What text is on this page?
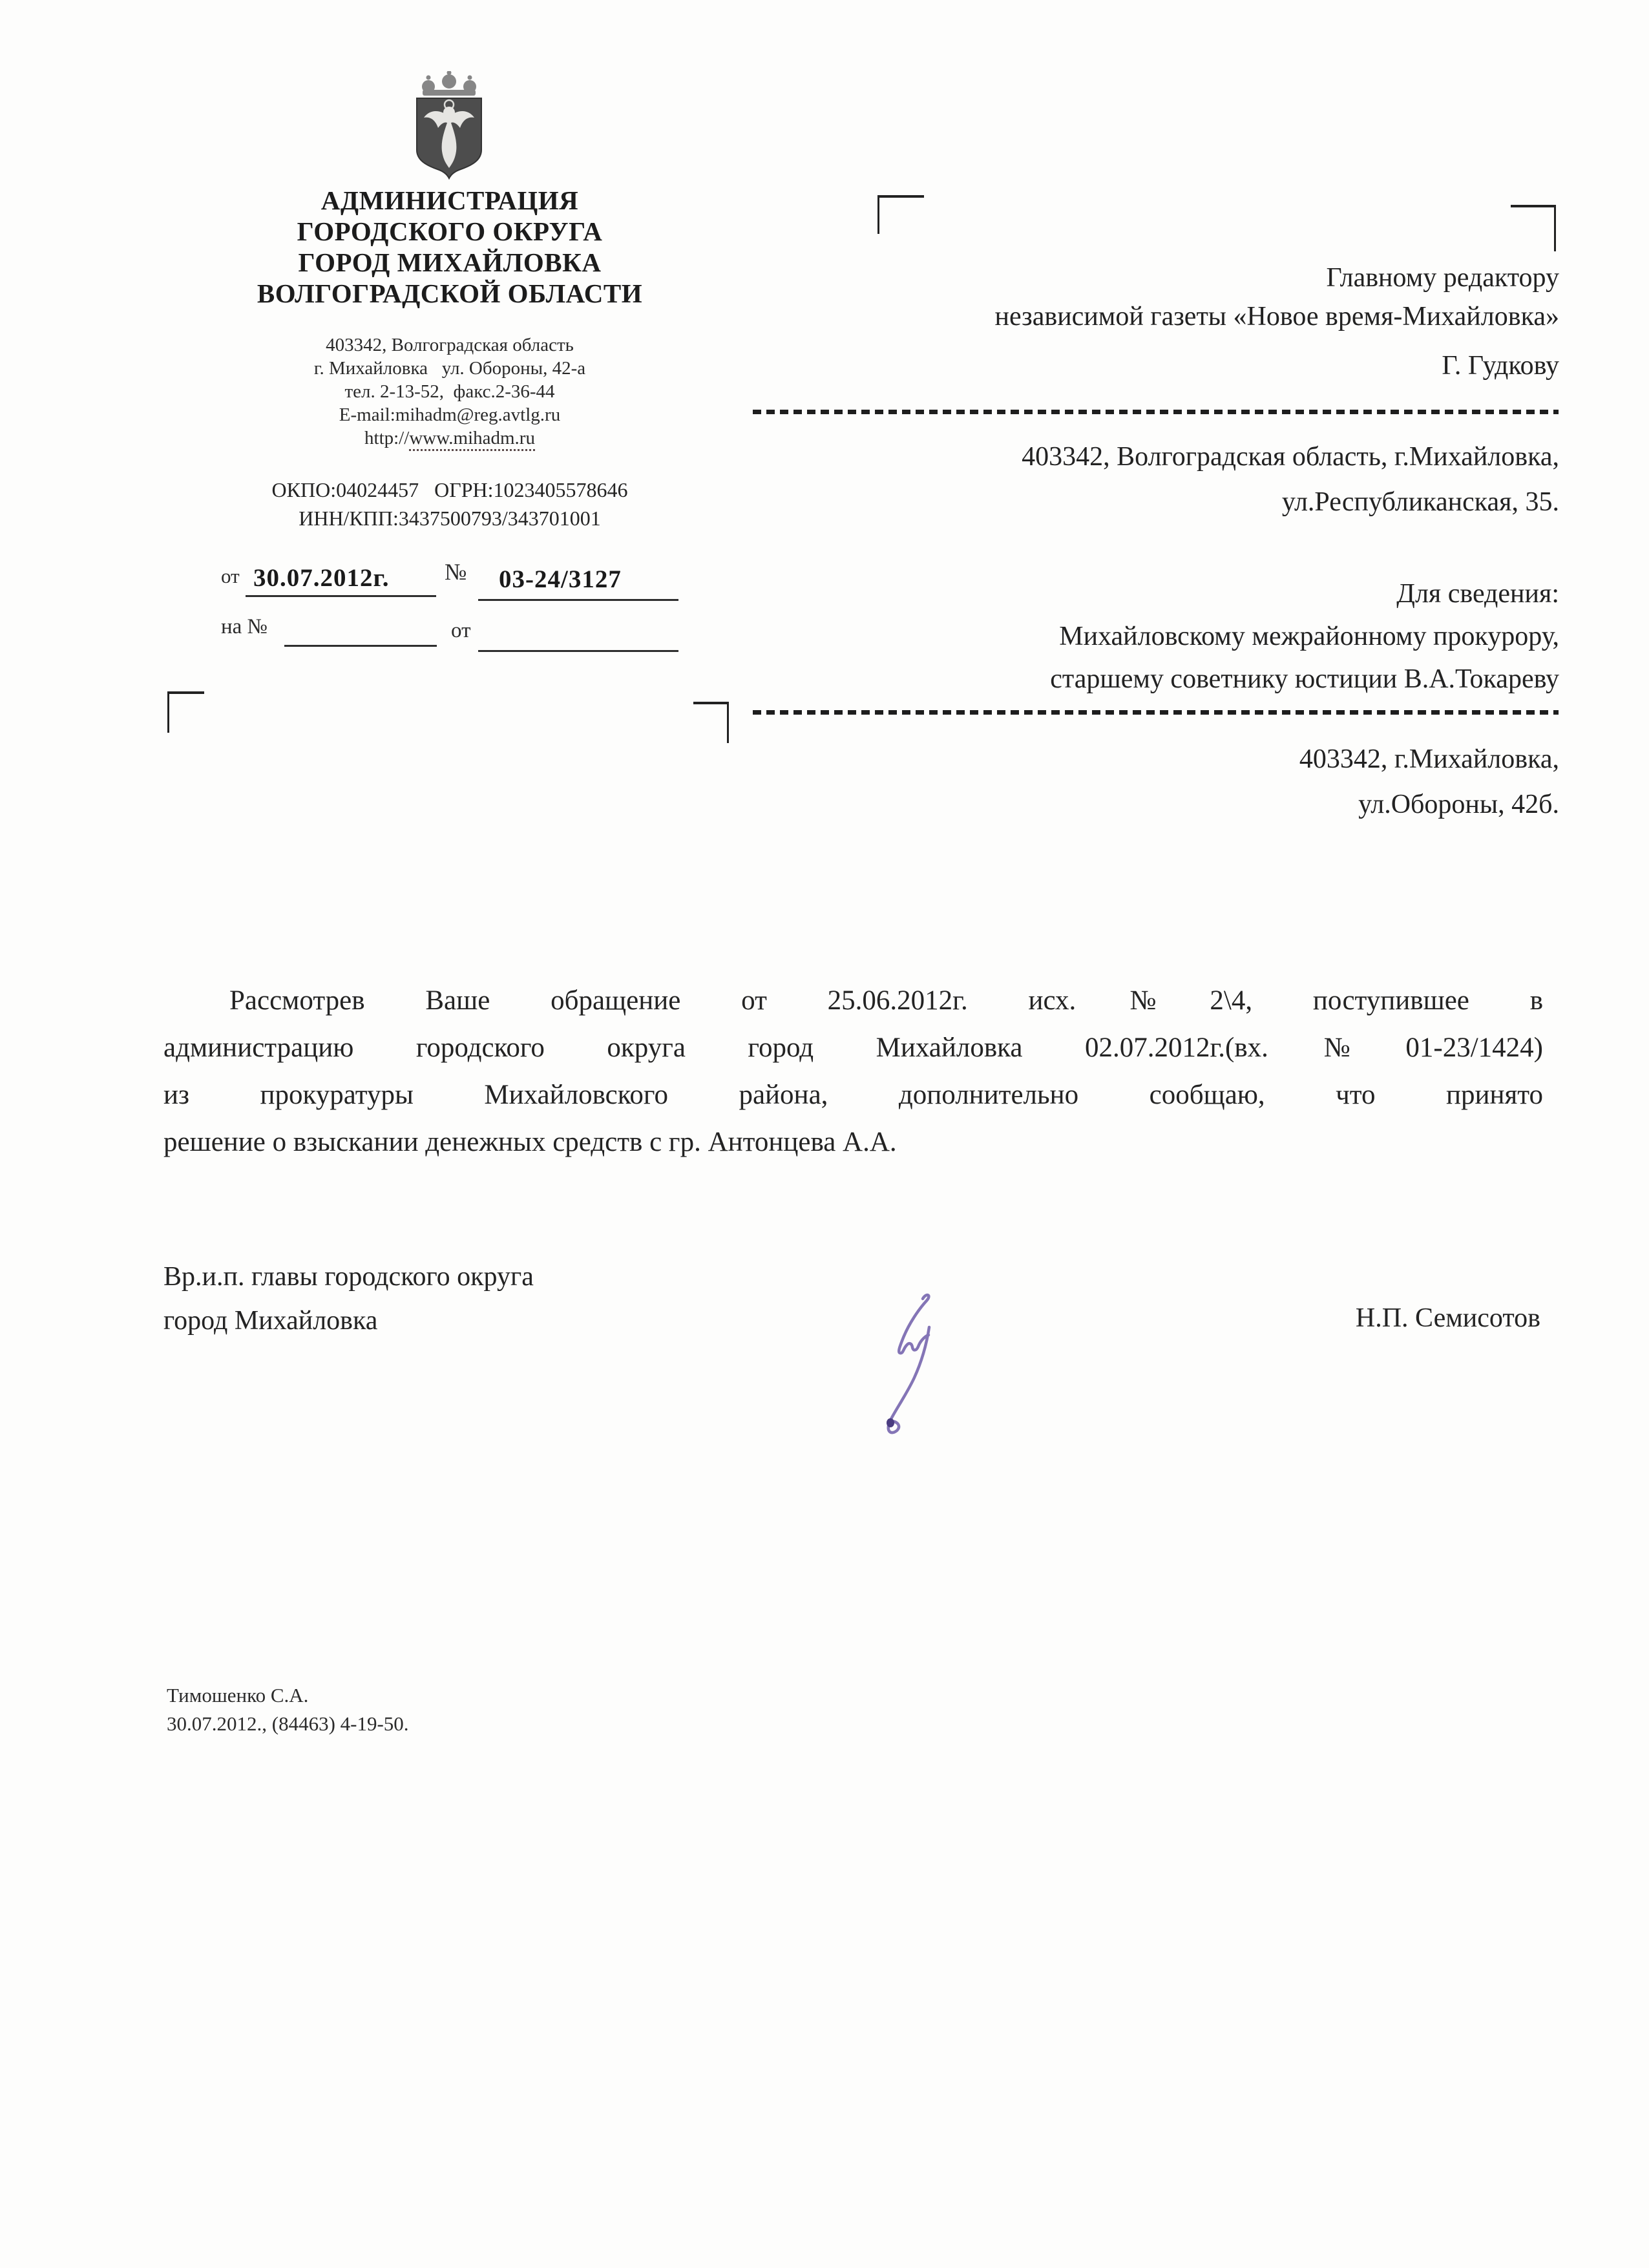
АДМИНИСТРАЦИЯ
ГОРОДСКОГО ОКРУГА
ГОРОД МИХАЙЛОВКА
ВОЛГОГРАДСКОЙ ОБЛАСТИ
403342, Волгоградская область
г. Михайловка   ул. Обороны, 42-а
тел. 2-13-52,  факс.2-36-44
E-mail:mihadm@reg.avtlg.ru
http://www.mihadm.ru
ОКПО:04024457   ОГРН:1023405578646
ИНН/КПП:3437500793/343701001
от 30.07.2012г. № 03-24/3127
на №	от
Главному редактору
независимой газеты «Новое время-Михайловка»
Г. Гудкову
403342, Волгоградская область, г.Михайловка,
ул.Республиканская, 35.
Для сведения:
Михайловскому межрайонному прокурору,
старшему советнику юстиции В.А.Токареву
403342, г.Михайловка,
ул.Обороны, 42б.
Рассмотрев Ваше обращение от 25.06.2012г. исх.№2\4, поступившее в
администрацию городского округа город Михайловка 02.07.2012г.(вх.№01-23/1424)
из прокуратуры Михайловского района, дополнительно сообщаю, что принято
решение о взыскании денежных средств с гр. Антонцева А.А.
Вр.и.п. главы городского округа
город Михайловка	Н.П. Семисотов
Тимошенко С.А.
30.07.2012., (84463) 4-19-50.
